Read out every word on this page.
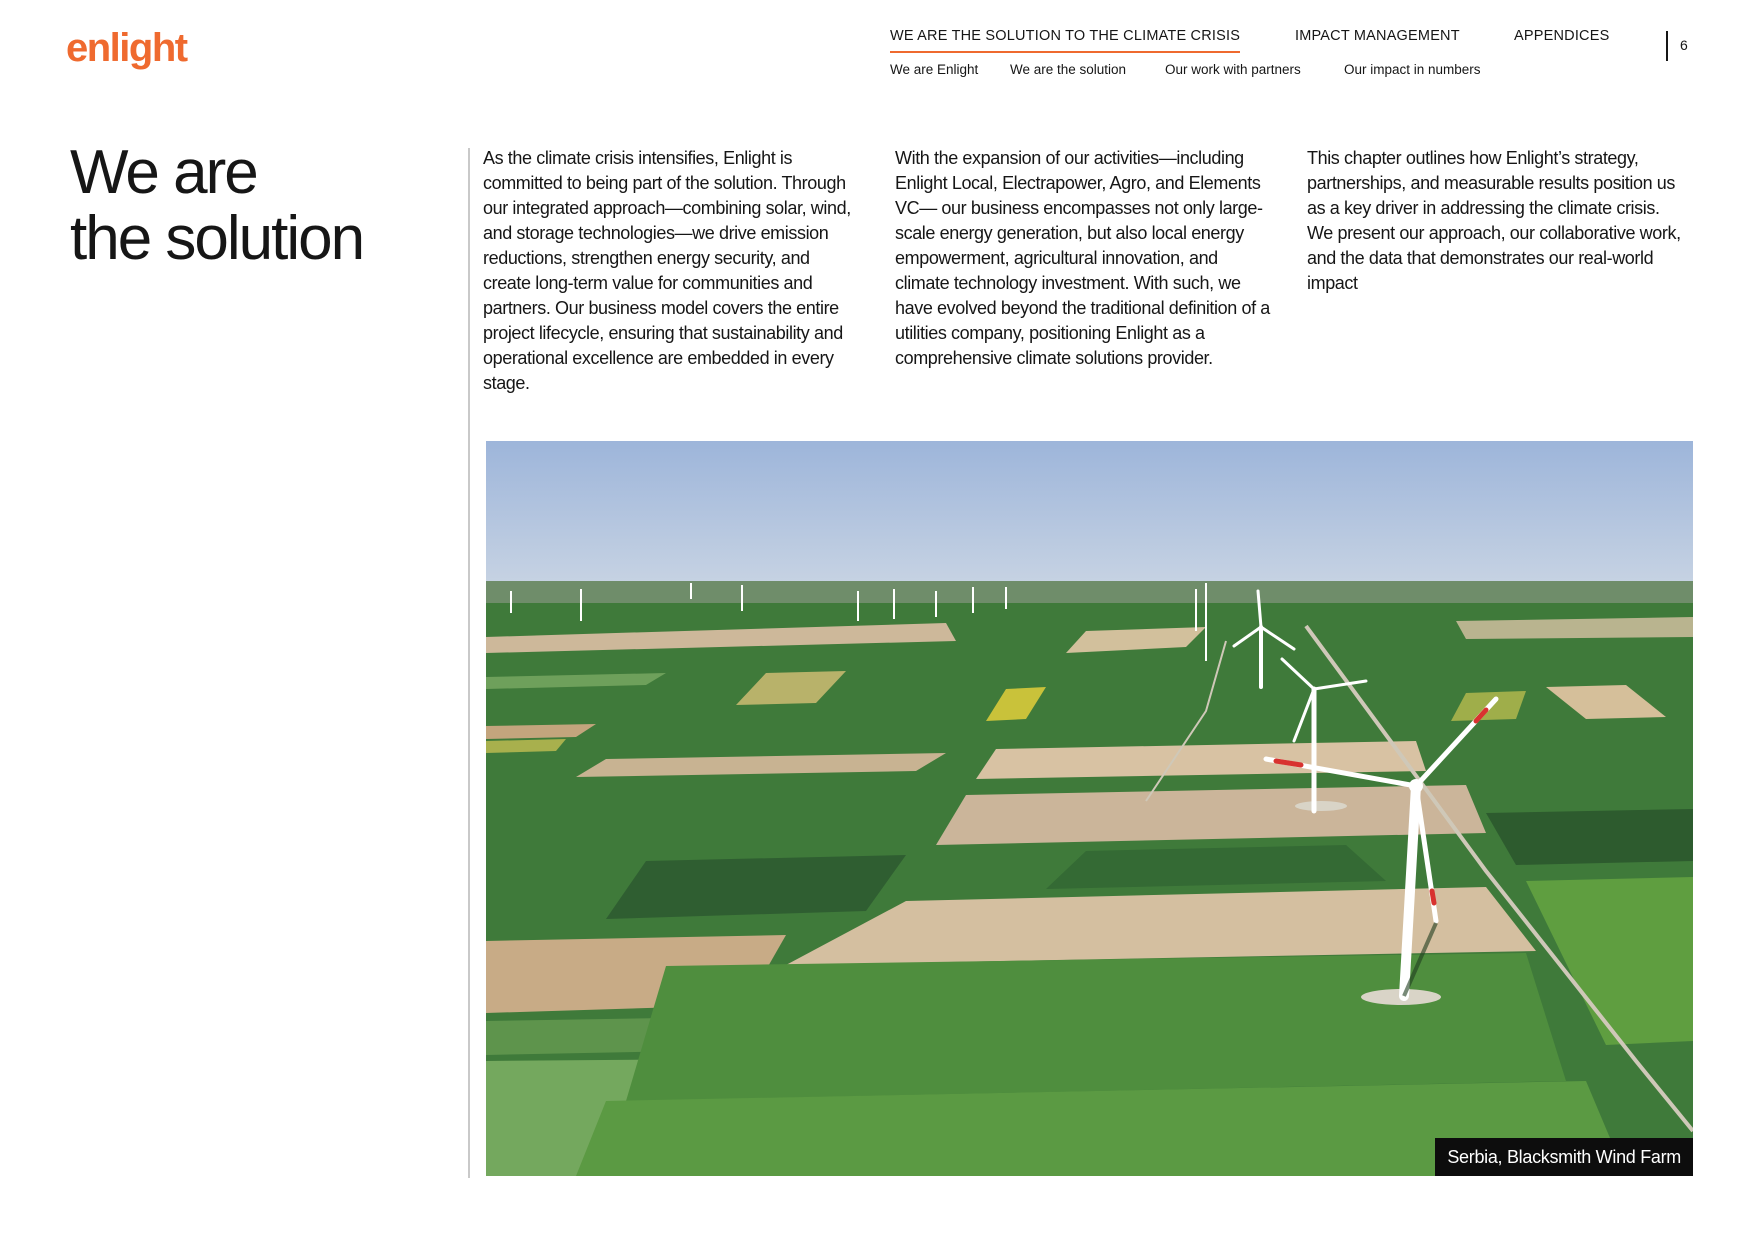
enlight	WE ARE THE SOLUTION TO THE CLIMATE CRISIS	IMPACT MANAGEMENT	APPENDICES
We are Enlight We are the solution	Our work with partners	Our impact in numbers
6
We are
the solution

As the climate crisis intensifies, Enlight is committed to being part of the solution. Through our integrated approach—combining solar, wind, and storage technologies—we drive emission reductions, strengthen energy security, and create long-term value for communities and partners. Our business model covers the entire project lifecycle, ensuring that sustainability and operational excellence are embedded in every stage.

With the expansion of our activities—including Enlight Local, Electrapower, Agro, and Elements VC— our business encompasses not only large-scale energy generation, but also local energy empowerment, agricultural innovation, and climate technology investment. With such, we have evolved beyond the traditional definition of a utilities company, positioning Enlight as a comprehensive climate solutions provider.

This chapter outlines how Enlight’s strategy, partnerships, and measurable results position us as a key driver in addressing the climate crisis. We present our approach, our collaborative work, and the data that demonstrates our real-world impact

Serbia, Blacksmith Wind Farm
